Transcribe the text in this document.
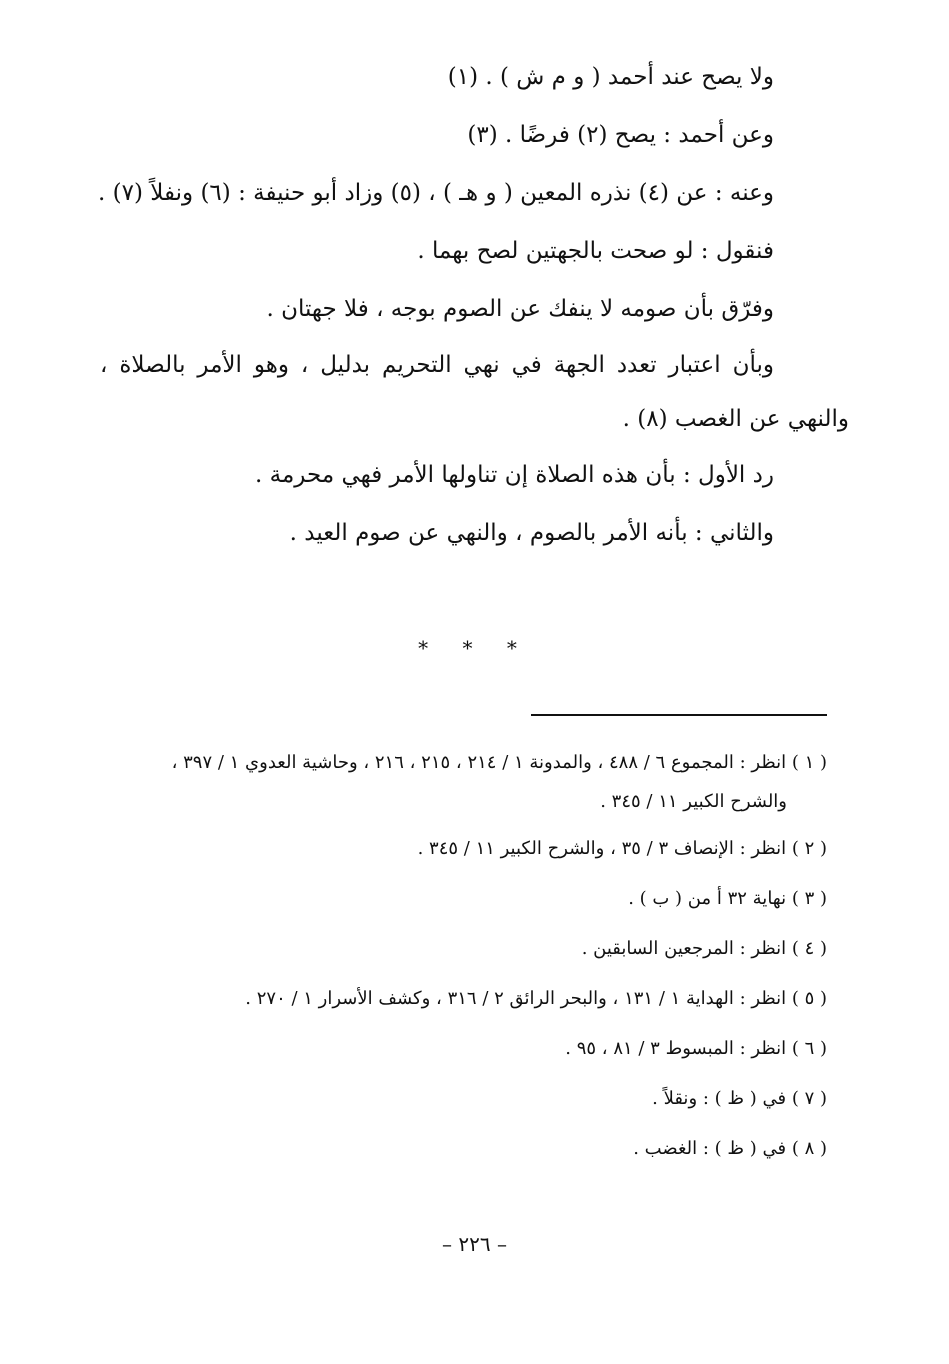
ولا يصح عند أحمد ( و م ش ) . (١)

وعن أحمد : يصح (٢) فرضًا . (٣)

وعنه : عن (٤) نذره المعين ( و هـ ) ، (٥) وزاد أبو حنيفة : (٦) ونفلاً (٧) .

فنقول : لو صحت بالجهتين لصح بهما .

وفرّق بأن صومه لا ينفك عن الصوم بوجه ، فلا جهتان .

وبأن اعتبار تعدد الجهة في نهي التحريم بدليل ، وهو الأمر بالصلاة ، والنهي عن الغصب (٨) .

رد الأول : بأن هذه الصلاة إن تناولها الأمر فهي محرمة .

والثاني : بأنه الأمر بالصوم ، والنهي عن صوم العيد .

* * *

( ١ ) انظر : المجموع ٦ / ٤٨٨ ، والمدونة ١ / ٢١٤ ، ٢١٥ ، ٢١٦ ، وحاشية العدوي ١ / ٣٩٧ ،

والشرح الكبير ١١ / ٣٤٥ .

( ٢ ) انظر : الإنصاف ٣ / ٣٥ ، والشرح الكبير ١١ / ٣٤٥ .

( ٣ ) نهاية ٣٢ أ من ( ب ) .

( ٤ ) انظر : المرجعين السابقين .

( ٥ ) انظر : الهداية ١ / ١٣١ ، والبحر الرائق ٢ / ٣١٦ ، وكشف الأسرار ١ / ٢٧٠ .

( ٦ ) انظر : المبسوط ٣ / ٨١ ، ٩٥ .

( ٧ ) في ( ظ ) : ونقلاً .

( ٨ ) في ( ظ ) : الغضب .

– ٢٢٦ –
